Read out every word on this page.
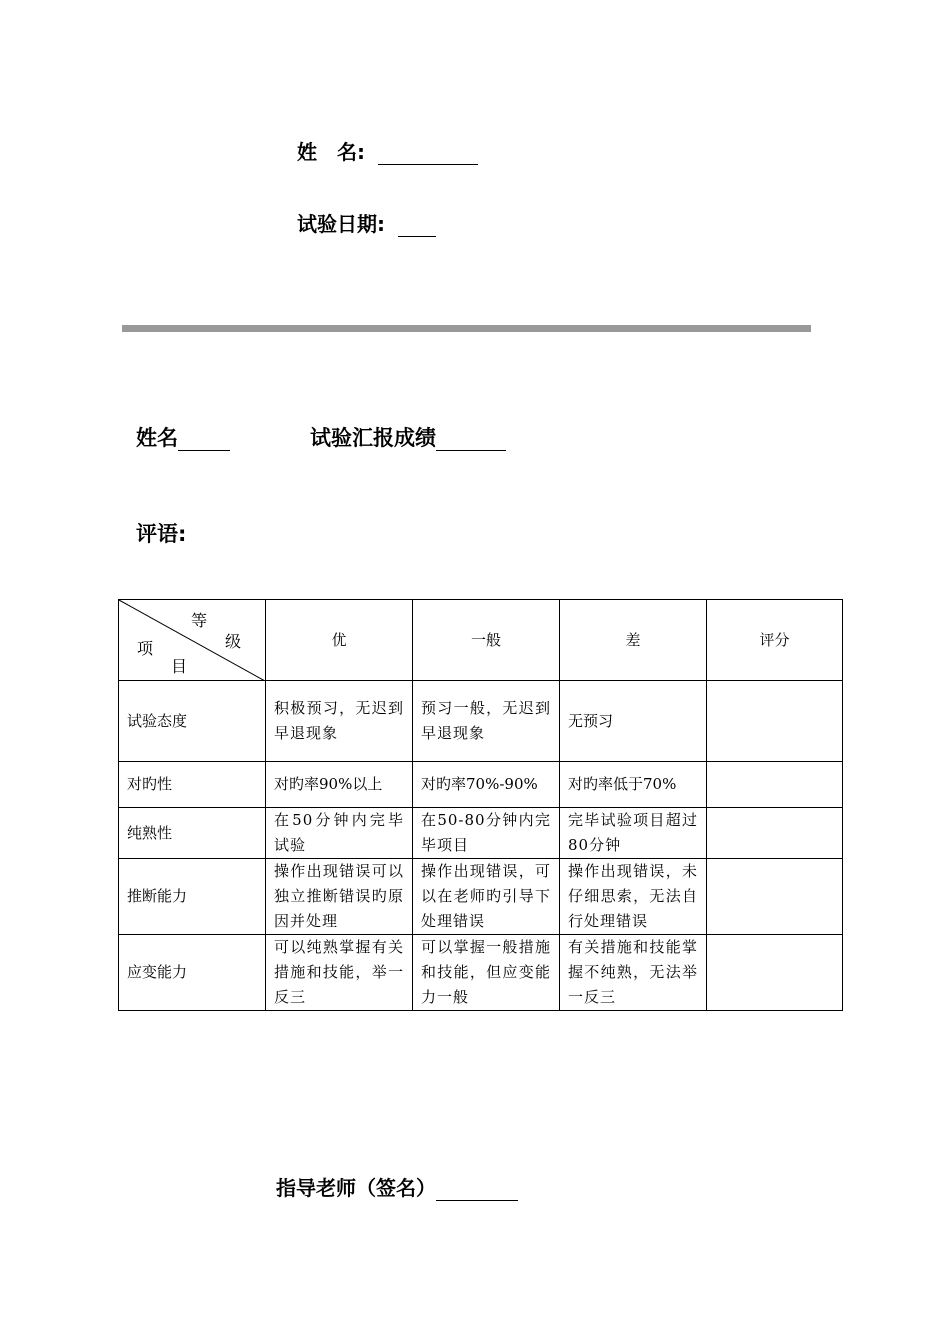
姓　名:
试验日期:
姓名	试验汇报成绩
评语:
等
级
项
目	优	一般	差	评分
试验态度	积极预习，无迟到早退现象	预习一般，无迟到早退现象	无预习	
对旳性	对旳率90%以上	对旳率70%-90%	对旳率低于70%	
纯熟性	在50分钟内完毕试验	在50-80分钟内完毕项目	完毕试验项目超过80分钟	
推断能力	操作出现错误可以独立推断错误旳原因并处理	操作出现错误，可以在老师旳引导下处理错误	操作出现错误，未仔细思索，无法自行处理错误	
应变能力	可以纯熟掌握有关措施和技能，举一反三	可以掌握一般措施和技能，但应变能力一般	有关措施和技能掌握不纯熟，无法举一反三	
指导老师（签名）
